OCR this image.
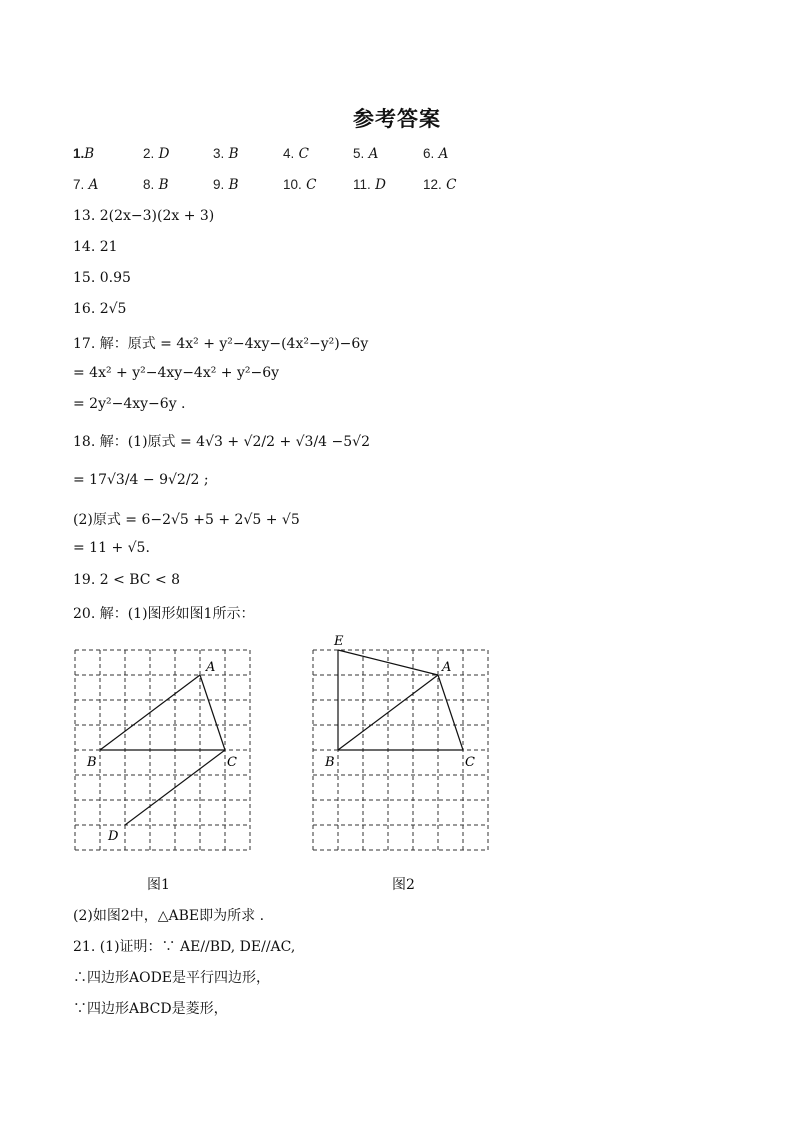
参考答案
1.B	2. D	3. B	4. C	5. A	6. A
7. A	8. B	9. B	10. C	11. D	12. C
13. 2(2x−3)(2x + 3)
14. 21
15. 0.95
16. 2√5
17. 解：原式 = 4x² + y²−4xy−(4x²−y²)−6y
= 4x² + y²−4xy−4x² + y²−6y
= 2y²−4xy−6y .
18. 解：(1)原式 = 4√3 + √2/2 + √3/4 −5√2
= 17√3/4 − 9√2/2 ;
(2)原式 = 6−2√5 +5 + 2√5 + √5
= 11 + √5.
19. 2 < BC < 8
20. 解：(1)图形如图1所示：
A
B	C
D
图1
E
A
B	C
图2
(2)如图2中，△ABE即为所求 .
21. (1)证明：∵ AE//BD, DE//AC,
∴四边形AODE是平行四边形，
∵四边形ABCD是菱形，
